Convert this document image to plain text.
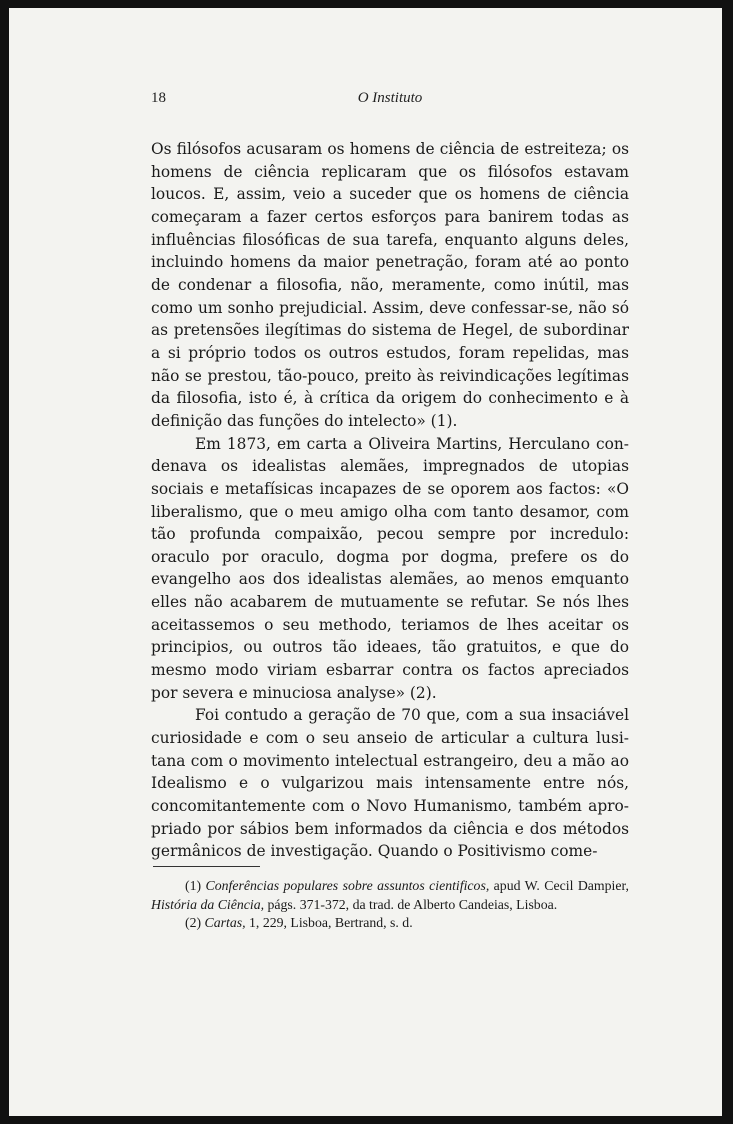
18	O Instituto

Os filósofos acusaram os homens de ciência de estreiteza; os homens de ciência replicaram que os filósofos estavam loucos. E, assim, veio a suceder que os homens de ciência começaram a fazer certos esforços para banirem todas as influências filosóficas de sua tarefa, enquanto alguns deles, incluindo homens da maior penetração, foram até ao ponto de condenar a filosofia, não, meramente, como inútil, mas como um sonho prejudicial. Assim, deve confessar-se, não só as pretensões ilegítimas do sistema de Hegel, de subordinar a si próprio todos os outros estudos, foram repelidas, mas não se prestou, tão-pouco, preito às reivindicações legítimas da filosofia, isto é, à crítica da origem do conhecimento e à definição das funções do intelecto» (1).

Em 1873, em carta a Oliveira Martins, Herculano condenava os idealistas alemães, impregnados de utopias sociais e metafísicas incapazes de se oporem aos factos: «O liberalismo, que o meu amigo olha com tanto desamor, com tão profunda compaixão, pecou sempre por incredulo: oraculo por oraculo, dogma por dogma, prefere os do evangelho aos dos idealistas alemães, ao menos emquanto elles não acabarem de mutuamente se refutar. Se nós lhes aceitassemos o seu methodo, teriamos de lhes aceitar os principios, ou outros tão ideaes, tão gratuitos, e que do mesmo modo viriam esbarrar contra os factos apreciados por severa e minuciosa analyse» (2).

Foi contudo a geração de 70 que, com a sua insaciável curiosidade e com o seu anseio de articular a cultura lusitana com o movimento intelectual estrangeiro, deu a mão ao Idealismo e o vulgarizou mais intensamente entre nós, concomitantemente com o Novo Humanismo, também apropriado por sábios bem informados da ciência e dos métodos germânicos de investigação. Quando o Positivismo come-

(1) Conferências populares sobre assuntos cientificos, apud W. Cecil Dampier, História da Ciência, págs. 371-372, da trad. de Alberto Candeias, Lisboa.

(2) Cartas, 1, 229, Lisboa, Bertrand, s. d.
